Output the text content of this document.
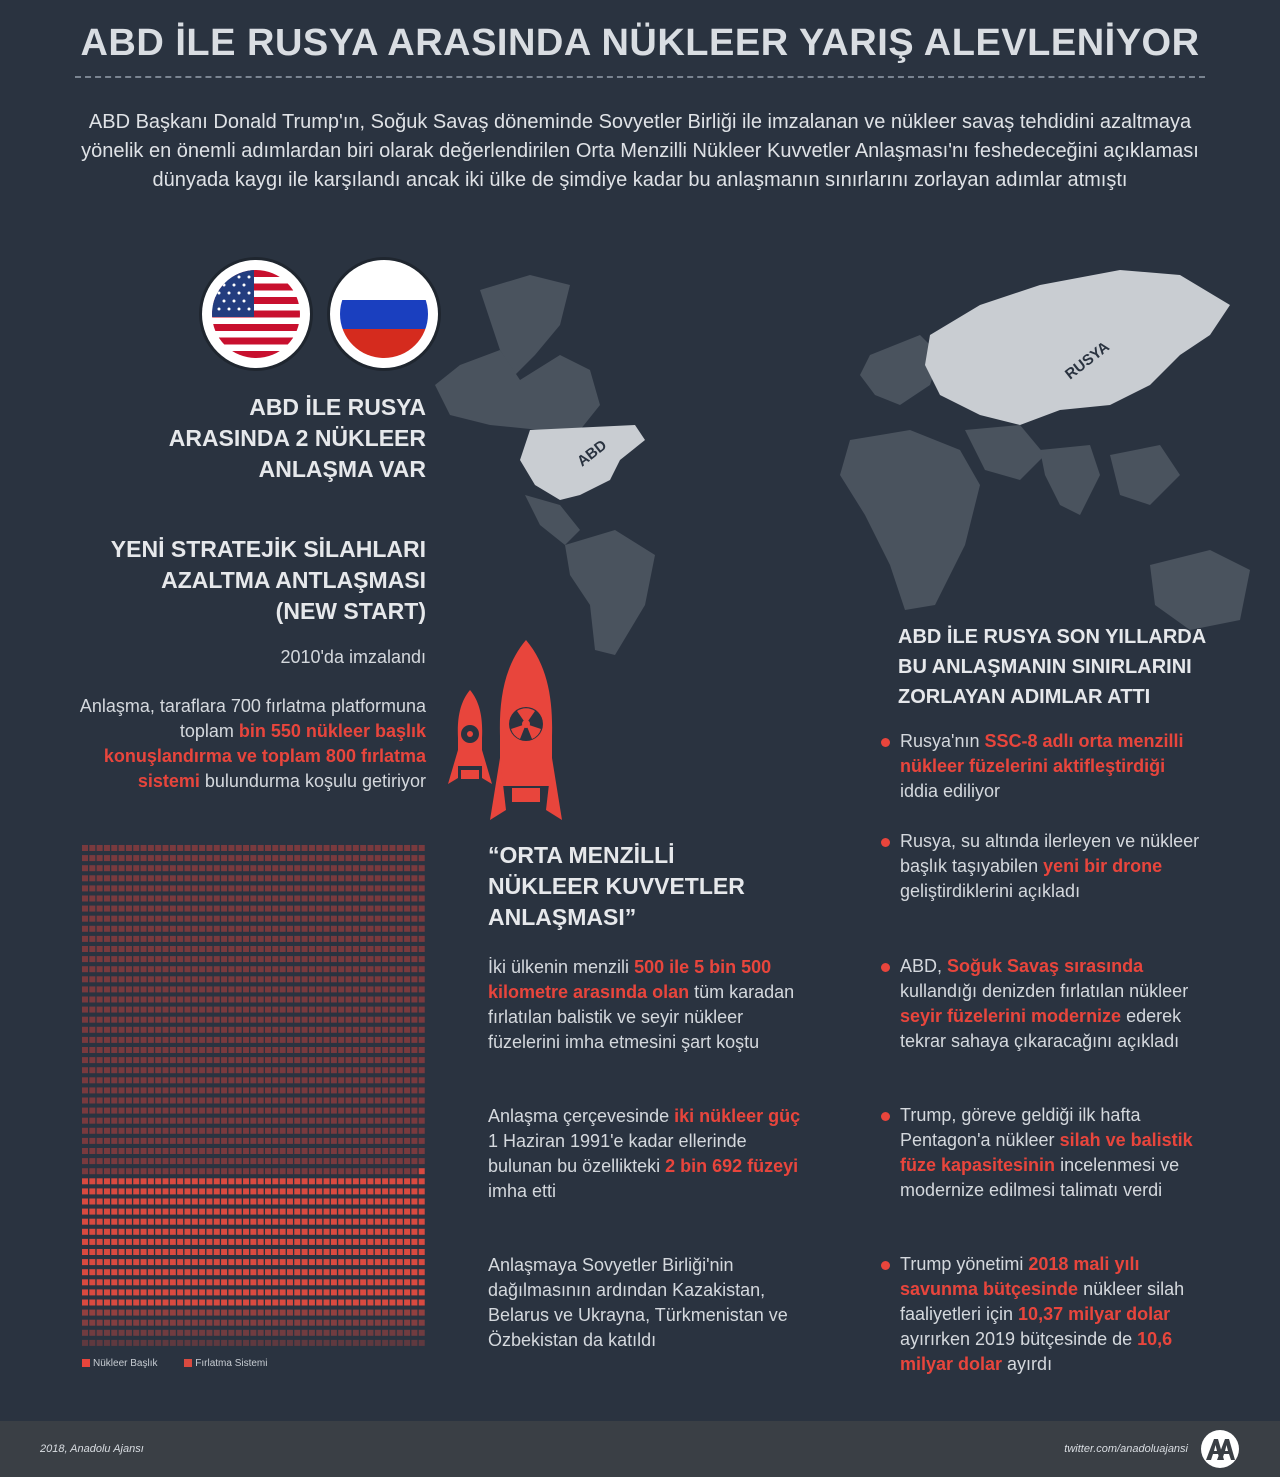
ABD İLE RUSYA ARASINDA NÜKLEER YARIŞ ALEVLENİYOR

ABD Başkanı Donald Trump'ın, Soğuk Savaş döneminde Sovyetler Birliği ile imzalanan ve nükleer savaş tehdidini azaltmaya yönelik en önemli adımlardan biri olarak değerlendirilen Orta Menzilli Nükleer Kuvvetler Anlaşması'nı feshedeceğini açıklaması dünyada kaygı ile karşılandı ancak iki ülke de şimdiye kadar bu anlaşmanın sınırlarını zorlayan adımlar atmıştı

ABD
RUSYA
ABD İLE RUSYA
ARASINDA 2 NÜKLEER
ANLAŞMA VAR
YENİ STRATEJİK SİLAHLARI
AZALTMA ANTLAŞMASI
(NEW START)

2010'da imzalandı

Anlaşma, taraflara 700 fırlatma platformuna toplam bin 550 nükleer başlık konuşlandırma ve toplam 800 fırlatma sistemi bulundurma koşulu getiriyor

Nükleer Başlık	Fırlatma Sistemi
“ORTA MENZİLLİ
NÜKLEER KUVVETLER
ANLAŞMASI”

İki ülkenin menzili 500 ile 5 bin 500 kilometre arasında olan tüm karadan fırlatılan balistik ve seyir nükleer füzelerini imha etmesini şart koştu

Anlaşma çerçevesinde iki nükleer güç 1 Haziran 1991'e kadar ellerinde bulunan bu özellikteki 2 bin 692 füzeyi imha etti

Anlaşmaya Sovyetler Birliği'nin dağılmasının ardından Kazakistan, Belarus ve Ukrayna, Türkmenistan ve Özbekistan da katıldı

ABD İLE RUSYA SON YILLARDA
BU ANLAŞMANIN SINIRLARINI
ZORLAYAN ADIMLAR ATTI

Rusya'nın SSC-8 adlı orta menzilli nükleer füzelerini aktifleştirdiği iddia ediliyor

Rusya, su altında ilerleyen ve nükleer başlık taşıyabilen yeni bir drone geliştirdiklerini açıkladı

ABD, Soğuk Savaş sırasında kullandığı denizden fırlatılan nükleer seyir füzelerini modernize ederek tekrar sahaya çıkaracağını açıkladı

Trump, göreve geldiği ilk hafta Pentagon'a nükleer silah ve balistik füze kapasitesinin incelenmesi ve modernize edilmesi talimatı verdi

Trump yönetimi 2018 mali yılı savunma bütçesinde nükleer silah faaliyetleri için 10,37 milyar dolar ayırırken 2019 bütçesinde de 10,6 milyar dolar ayırdı

2018, Anadolu Ajansı	twitter.com/anadoluajansi
